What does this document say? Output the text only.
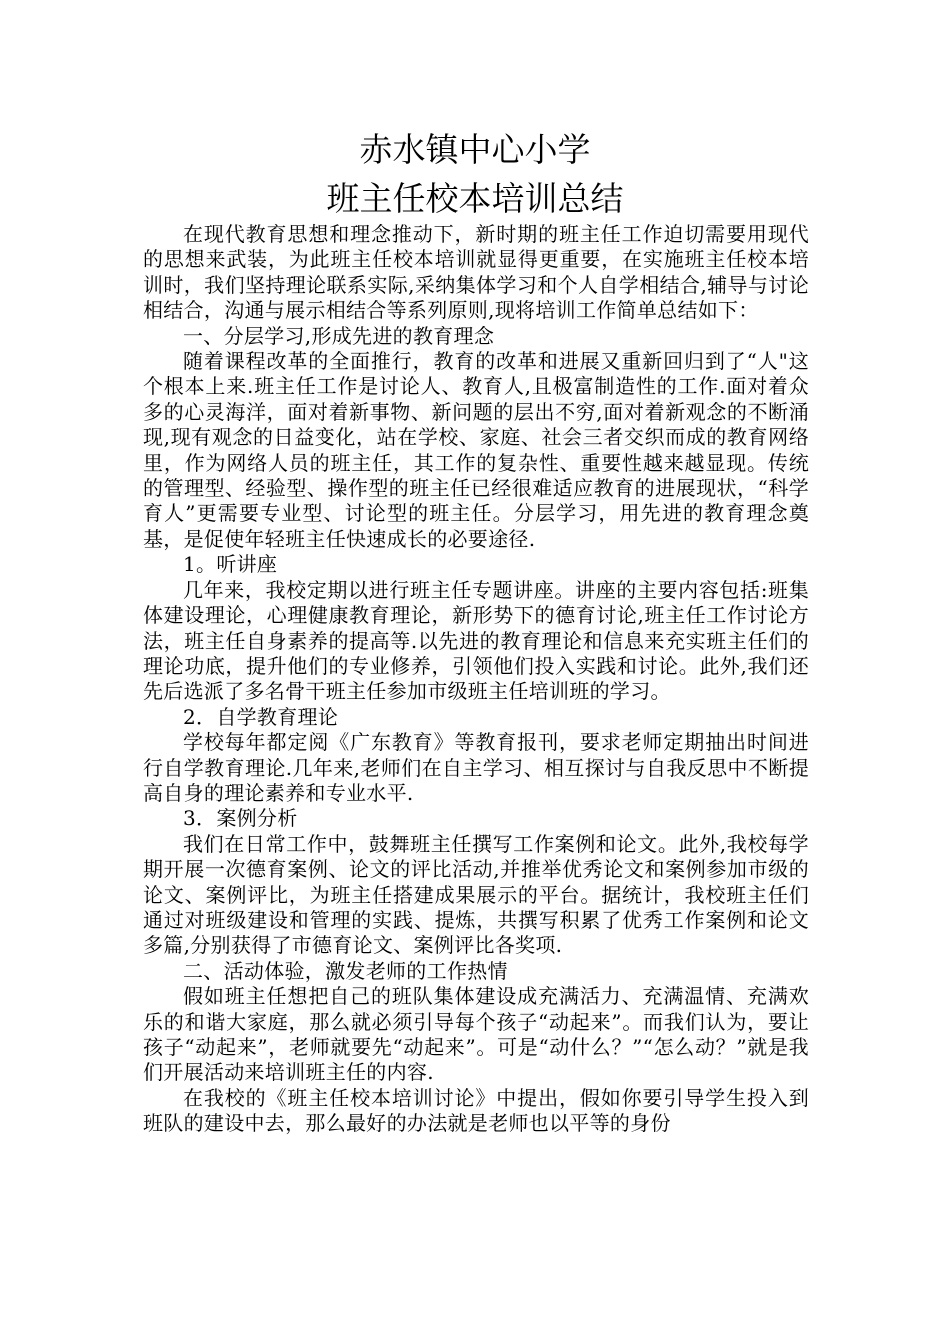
赤水镇中心小学
班主任校本培训总结

在现代教育思想和理念推动下，新时期的班主任工作迫切需要用现代的思想来武装，为此班主任校本培训就显得更重要，在实施班主任校本培训时，我们坚持理论联系实际,采纳集体学习和个人自学相结合,辅导与讨论相结合，沟通与展示相结合等系列原则,现将培训工作简单总结如下：

一、分层学习,形成先进的教育理念

随着课程改革的全面推行，教育的改革和进展又重新回归到了“人"这个根本上来.班主任工作是讨论人、教育人,且极富制造性的工作.面对着众多的心灵海洋，面对着新事物、新问题的层出不穷,面对着新观念的不断涌现,现有观念的日益变化，站在学校、家庭、社会三者交织而成的教育网络里，作为网络人员的班主任，其工作的复杂性、重要性越来越显现。传统的管理型、经验型、操作型的班主任已经很难适应教育的进展现状，“科学育人”更需要专业型、讨论型的班主任。分层学习，用先进的教育理念奠基，是促使年轻班主任快速成长的必要途径.

1。听讲座

几年来，我校定期以进行班主任专题讲座。讲座的主要内容包括:班集体建设理论，心理健康教育理论，新形势下的德育讨论,班主任工作讨论方法，班主任自身素养的提高等.以先进的教育理论和信息来充实班主任们的理论功底，提升他们的专业修养，引领他们投入实践和讨论。此外,我们还先后选派了多名骨干班主任参加市级班主任培训班的学习。

2．自学教育理论

学校每年都定阅《广东教育》等教育报刊，要求老师定期抽出时间进行自学教育理论.几年来,老师们在自主学习、相互探讨与自我反思中不断提高自身的理论素养和专业水平.

3．案例分析

我们在日常工作中，鼓舞班主任撰写工作案例和论文。此外,我校每学期开展一次德育案例、论文的评比活动,并推举优秀论文和案例参加市级的论文、案例评比，为班主任搭建成果展示的平台。据统计，我校班主任们通过对班级建设和管理的实践、提炼，共撰写积累了优秀工作案例和论文多篇,分别获得了市德育论文、案例评比各奖项.

二、活动体验，激发老师的工作热情

假如班主任想把自己的班队集体建设成充满活力、充满温情、充满欢乐的和谐大家庭，那么就必须引导每个孩子“动起来”。而我们认为，要让孩子“动起来”，老师就要先“动起来”。可是“动什么？”“怎么动？”就是我们开展活动来培训班主任的内容.

在我校的《班主任校本培训讨论》中提出，假如你要引导学生投入到班队的建设中去，那么最好的办法就是老师也以平等的身份
